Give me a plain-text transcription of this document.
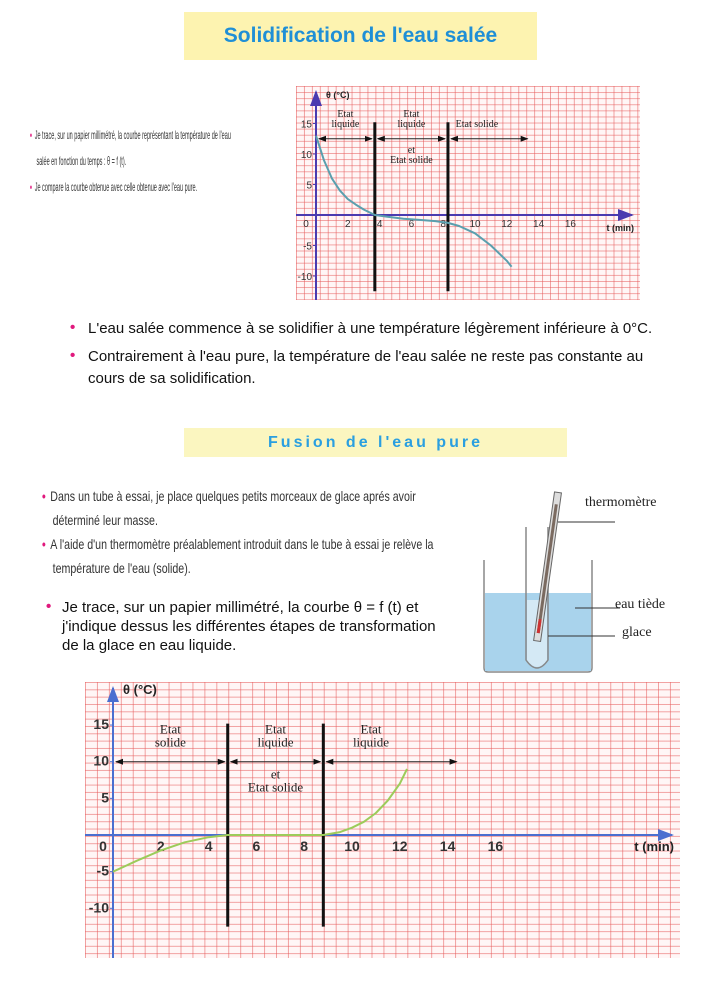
Solidification de l'eau salée
• Je trace, sur un papier millimétré, la courbe représentant la température de l'eau
salée en fonction du temps : θ = f (t).
• Je compare la courbe obtenue avec celle obtenue avec l'eau pure.
θ (°C)
t (min)
0	2	4	6	8 10 12 14 16
15
10
5
-5
-10
Etat
liquide
Etat
liquide
et
Etat solide
Etat solide
• L'eau salée commence à se solidifier à une température légèrement inférieure à 0°C.
• Contrairement à l'eau pure, la température de l'eau salée ne reste pas constante au cours de sa solidification.
Fusion de l'eau pure
• Dans un tube à essai, je place quelques petits morceaux de glace aprés avoir
déterminé leur masse.
• A l'aide d'un thermomètre préalablement introduit dans le tube à essai je relève la
température de l'eau (solide).
• Je trace, sur un papier millimétré, la courbe θ = f (t) et
j'indique dessus les différentes étapes de transformation
de la glace en eau liquide.
thermomètre
eau tiède
glace
θ (°C)
t (min)
0	2	4	6	8	10 12 14 16
15
10
5
-5
-10
Etat
solide
Etat
liquide
et
Etat solide
Etat
liquide
